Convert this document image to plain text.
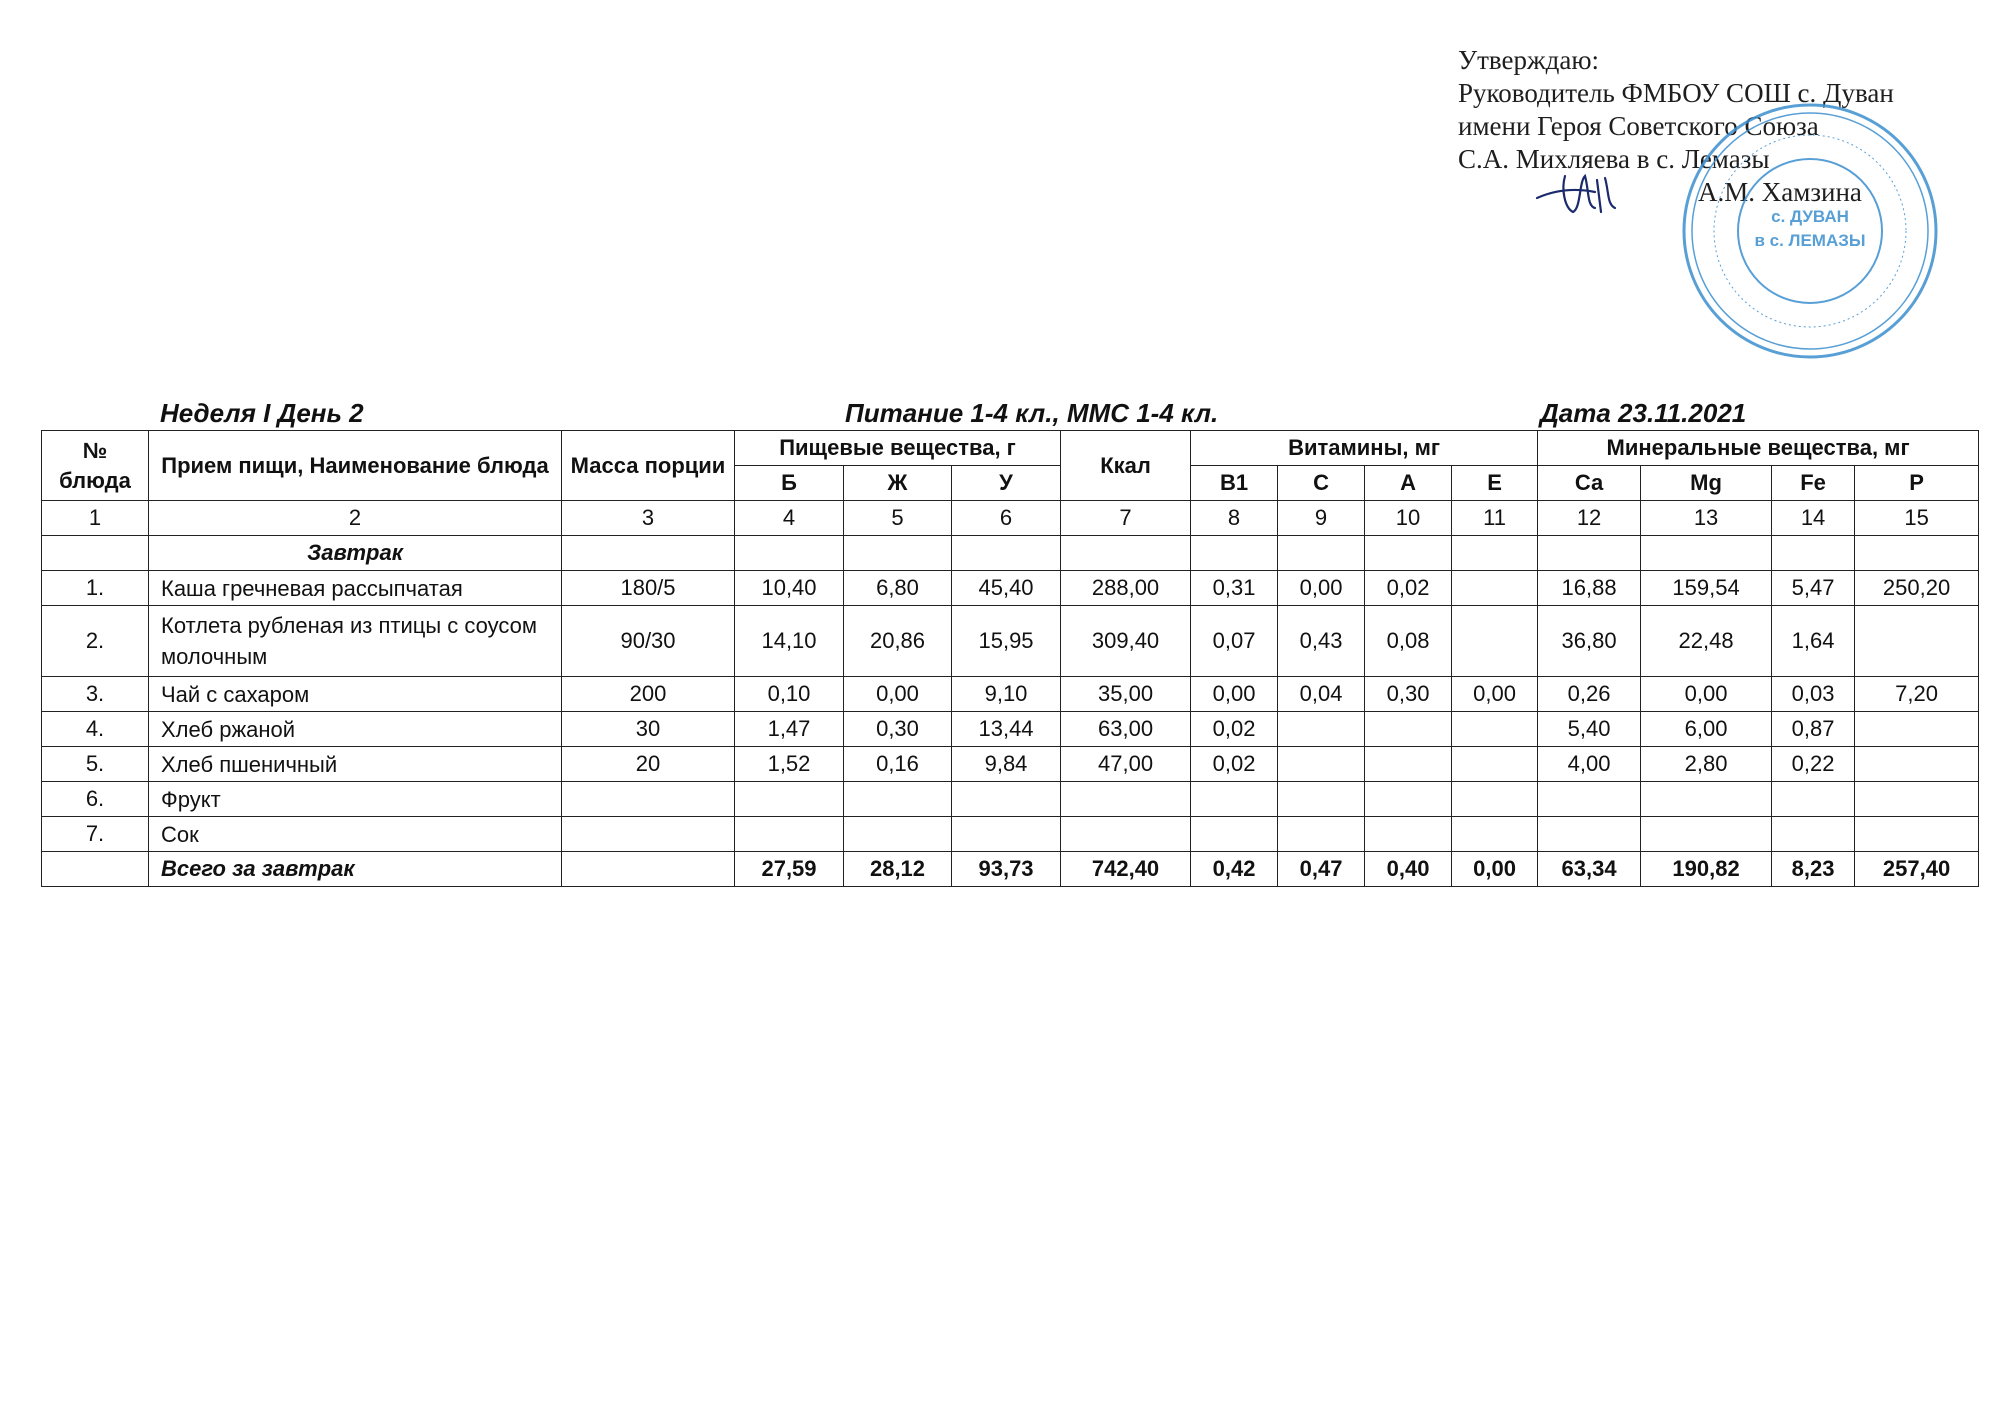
Утверждаю:
Руководитель ФМБОУ СОШ с. Дуван
имени Героя Советского Союза
С.А. Михляева в с. Лемазы
А.М. Хамзина
с. ДУВАН
в с. ЛЕМАЗЫ
Неделя I День 2	Питание 1-4 кл., ММС 1-4 кл.	Дата 23.11.2021
№ блюда	Прием пищи, Наименование блюда	Масса порции	Пищевые вещества, г			Ккал	Витамины, мг				Минеральные вещества, мг			
			Б	Ж	У		В1	С	А	Е	Са	Mg	Fe	Р
1	2	3	4	5	6	7	8	9	10	11	12	13	14	15
	Завтрак													
1.	Каша гречневая рассыпчатая	180/5	10,40	6,80	45,40	288,00	0,31	0,00	0,02		16,88	159,54	5,47	250,20
2.	Котлета рубленая из птицы с соусом молочным	90/30	14,10	20,86	15,95	309,40	0,07	0,43	0,08		36,80	22,48	1,64	
3.	Чай с сахаром	200	0,10	0,00	9,10	35,00	0,00	0,04	0,30	0,00	0,26	0,00	0,03	7,20
4.	Хлеб ржаной	30	1,47	0,30	13,44	63,00	0,02				5,40	6,00	0,87	
5.	Хлеб пшеничный	20	1,52	0,16	9,84	47,00	0,02				4,00	2,80	0,22	
6.	Фрукт													
7.	Сок													
	Всего за завтрак		27,59	28,12	93,73	742,40	0,42	0,47	0,40	0,00	63,34	190,82	8,23	257,40
